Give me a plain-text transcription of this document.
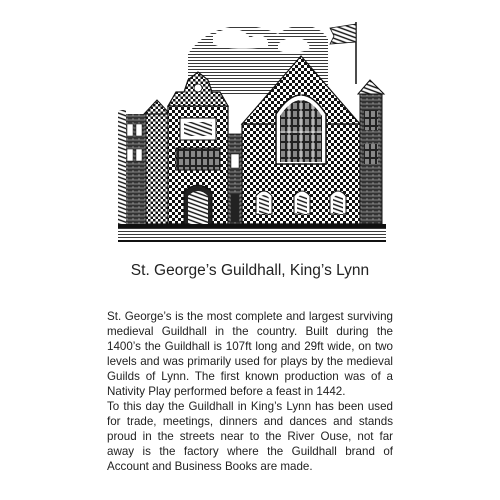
St. George’s Guildhall, King’s Lynn

St. George’s is the most complete and largest surviving medieval Guildhall in the country. Built during the 1400’s the Guildhall is 107ft long and 29ft wide, on two levels and was primarily used for plays by the medieval Guilds of Lynn. The first known production was of a Nativity Play performed before a feast in 1442.

To this day the Guildhall in King’s Lynn has been used for trade, meetings, dinners and dances and stands proud in the streets near to the River Ouse, not far away is the factory where the Guildhall brand of Account and Business Books are made.
